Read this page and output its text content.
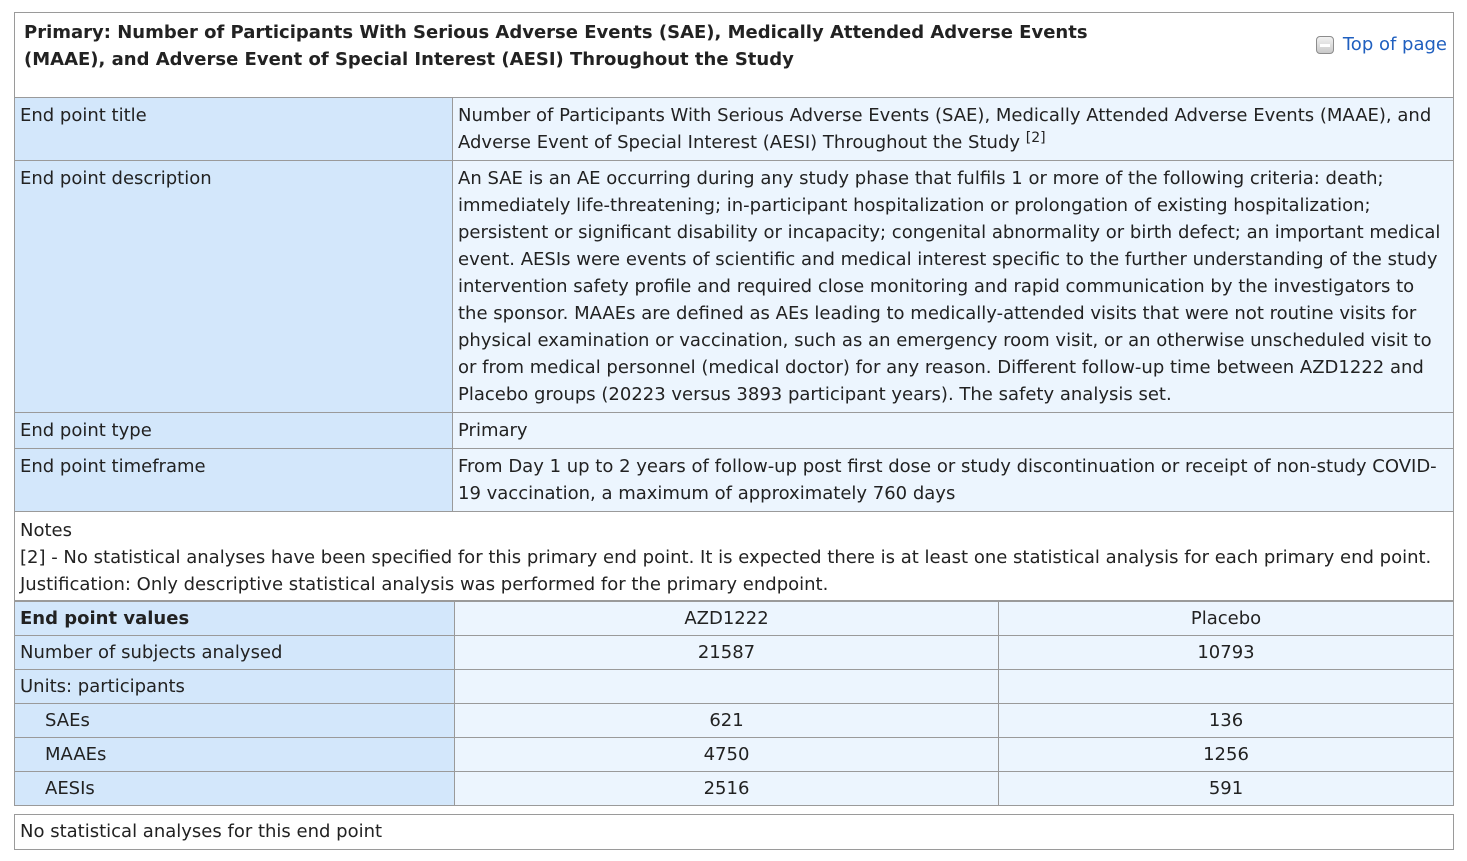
Primary: Number of Participants With Serious Adverse Events (SAE), Medically Attended Adverse Events (MAAE), and Adverse Event of Special Interest (AESI) Throughout the Study
Top of page
End point title	Number of Participants With Serious Adverse Events (SAE), Medically Attended Adverse Events (MAAE), and Adverse Event of Special Interest (AESI) Throughout the Study [2]
End point description	An SAE is an AE occurring during any study phase that fulfils 1 or more of the following criteria: death; immediately life-threatening; in-participant hospitalization or prolongation of existing hospitalization; persistent or significant disability or incapacity; congenital abnormality or birth defect; an important medical event. AESIs were events of scientific and medical interest specific to the further understanding of the study intervention safety profile and required close monitoring and rapid communication by the investigators to the sponsor. MAAEs are defined as AEs leading to medically-attended visits that were not routine visits for physical examination or vaccination, such as an emergency room visit, or an otherwise unscheduled visit to or from medical personnel (medical doctor) for any reason. Different follow-up time between AZD1222 and Placebo groups (20223 versus 3893 participant years). The safety analysis set.
End point type	Primary
End point timeframe	From Day 1 up to 2 years of follow-up post first dose or study discontinuation or receipt of non-study COVID-19 vaccination, a maximum of approximately 760 days
Notes
[2] - No statistical analyses have been specified for this primary end point. It is expected there is at least one statistical analysis for each primary end point.
Justification: Only descriptive statistical analysis was performed for the primary endpoint.
End point values	AZD1222	Placebo
Number of subjects analysed	21587	10793
Units: participants
SAEs	621	136
MAAEs	4750	1256
AESIs	2516	591
No statistical analyses for this end point
